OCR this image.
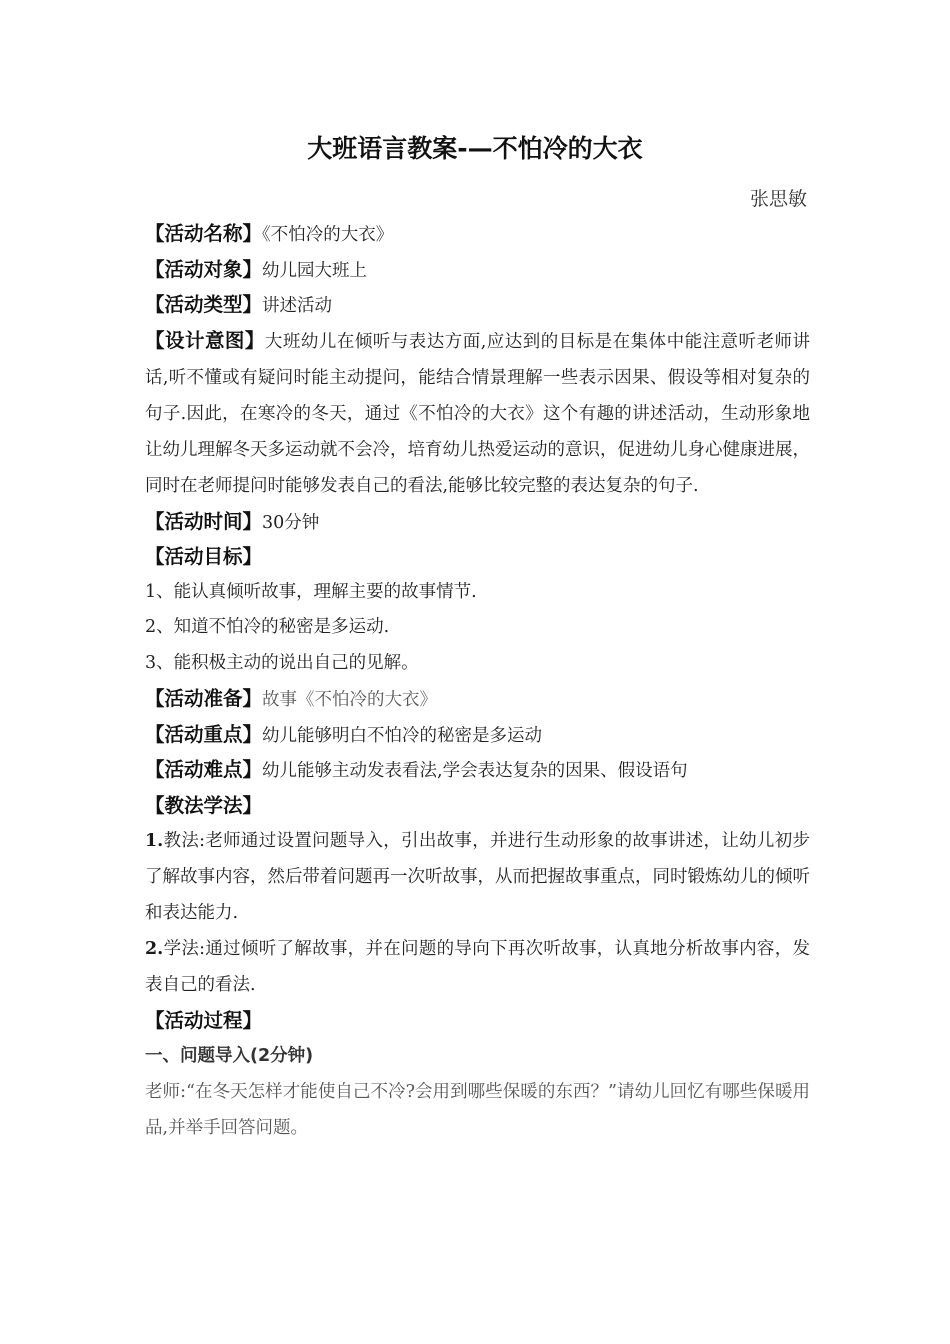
大班语言教案-—不怕冷的大衣
张思敏
【活动名称】《不怕冷的大衣》
【活动对象】幼儿园大班上
【活动类型】讲述活动
【设计意图】大班幼儿在倾听与表达方面,应达到的目标是在集体中能注意听老师讲话,听不懂或有疑问时能主动提问，能结合情景理解一些表示因果、假设等相对复杂的句子.因此，在寒冷的冬天，通过《不怕冷的大衣》这个有趣的讲述活动，生动形象地让幼儿理解冬天多运动就不会冷，培育幼儿热爱运动的意识，促进幼儿身心健康进展，同时在老师提问时能够发表自己的看法,能够比较完整的表达复杂的句子.
【活动时间】30分钟
【活动目标】
1、能认真倾听故事，理解主要的故事情节.
2、知道不怕冷的秘密是多运动.
3、能积极主动的说出自己的见解。
【活动准备】故事《不怕冷的大衣》
【活动重点】幼儿能够明白不怕冷的秘密是多运动
【活动难点】幼儿能够主动发表看法,学会表达复杂的因果、假设语句
【教法学法】
1.教法:老师通过设置问题导入，引出故事，并进行生动形象的故事讲述，让幼儿初步了解故事内容，然后带着问题再一次听故事，从而把握故事重点，同时锻炼幼儿的倾听和表达能力.
2.学法:通过倾听了解故事，并在问题的导向下再次听故事，认真地分析故事内容，发表自己的看法.
【活动过程】
一、问题导入(2分钟)
老师:“在冬天怎样才能使自己不冷?会用到哪些保暖的东西？”请幼儿回忆有哪些保暖用品,并举手回答问题。
